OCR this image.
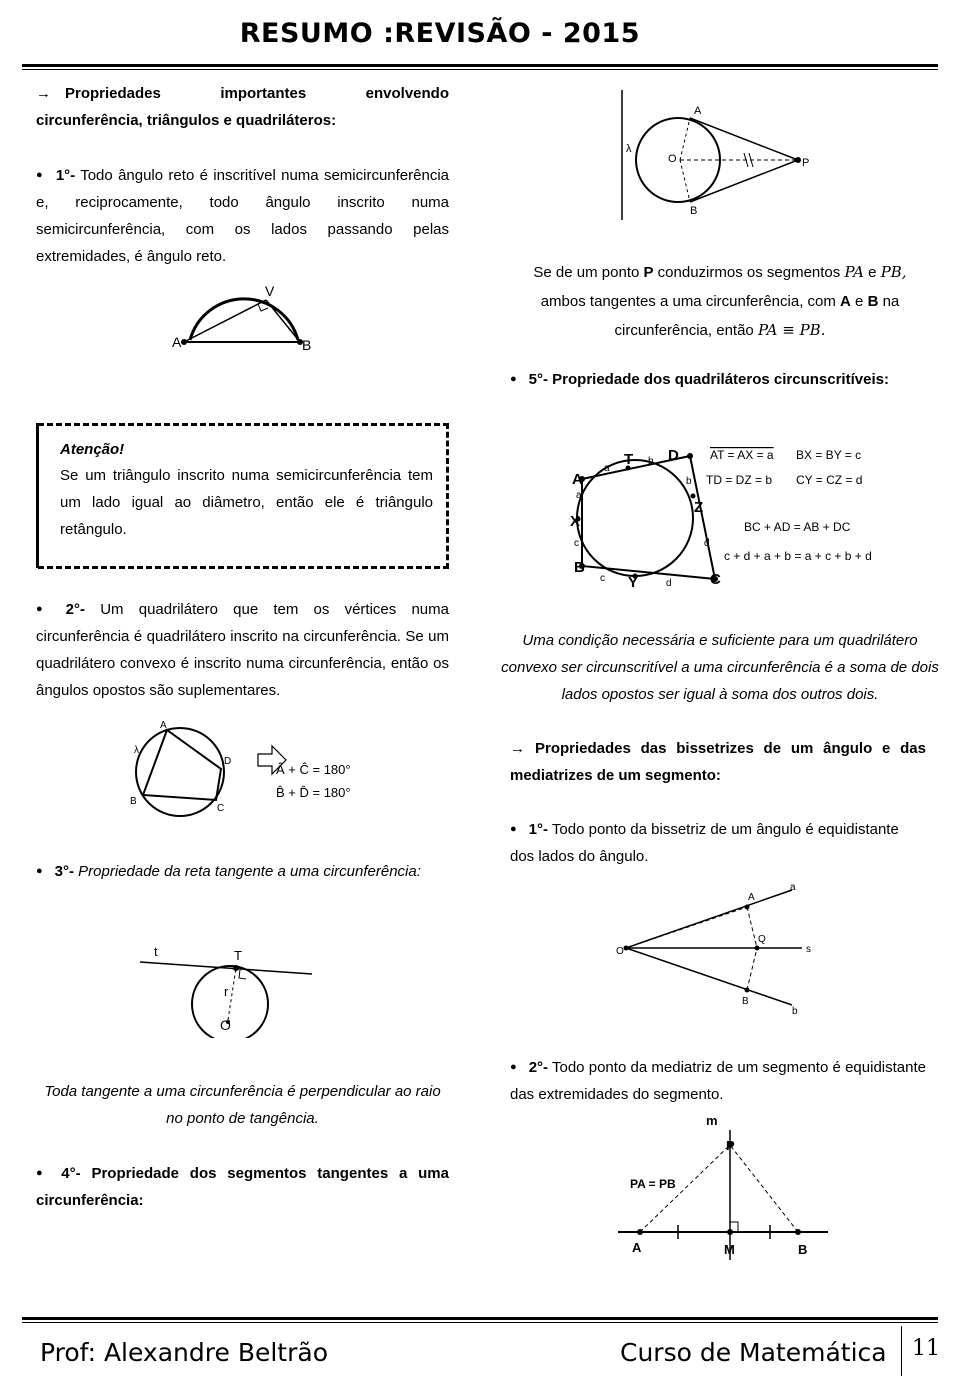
RESUMO :REVISÃO - 2015
→ Propriedades importantes envolvendo circunferência, triângulos e quadriláteros:
● 1°- Todo ângulo reto é inscritível numa semicircunferência e, reciprocamente, todo ângulo inscrito numa semicircunferência, com os lados passando pelas extremidades, é ângulo reto.
A	B
V
Atenção!
Se um triângulo inscrito numa semicircunferência tem um lado igual ao diâmetro, então ele é triângulo retângulo.
● 2°- Um quadrilátero que tem os vértices numa circunferência é quadrilátero inscrito na circunferência. Se um quadrilátero convexo é inscrito numa circunferência, então os ângulos opostos são suplementares.
A
D
C
B
λ
Â + Ĉ = 180°
B̂ + D̂ = 180°
● 3°- Propriedade da reta tangente a uma circunferência:
t	T
r
O
Toda tangente a uma circunferência é perpendicular ao raio no ponto de tangência.
● 4°- Propriedade dos segmentos tangentes a uma circunferência:
A
B
O	P
λ
Se de um ponto P conduzirmos os segmentos PA e PB,
ambos tangentes a uma circunferência, com A e B na
circunferência, então PA ≡ PB.
● 5°- Propriedade dos quadriláteros circunscritíveis:
A
T D
X
Z
B
Y	C
a
a
b
b
c
c	d
d
AT = AX = a BX = BY = c
TD = DZ = b CY = CZ = d
BC + AD = AB + DC
c + d + a + b = a + c + b + d
Uma condição necessária e suficiente para um quadrilátero convexo ser circunscritível a uma circunferência é a soma de dois lados opostos ser igual à soma dos outros dois.
→ Propriedades das bissetrizes de um ângulo e das mediatrizes de um segmento:
● 1°- Todo ponto da bissetriz de um ângulo é equidistante dos lados do ângulo.
O
A
B
Q
a
b
s
● 2°- Todo ponto da mediatriz de um segmento é equidistante das extremidades do segmento.
m
P
PA = PB
A	M	B
Prof: Alexandre Beltrão	Curso de Matemática 11
